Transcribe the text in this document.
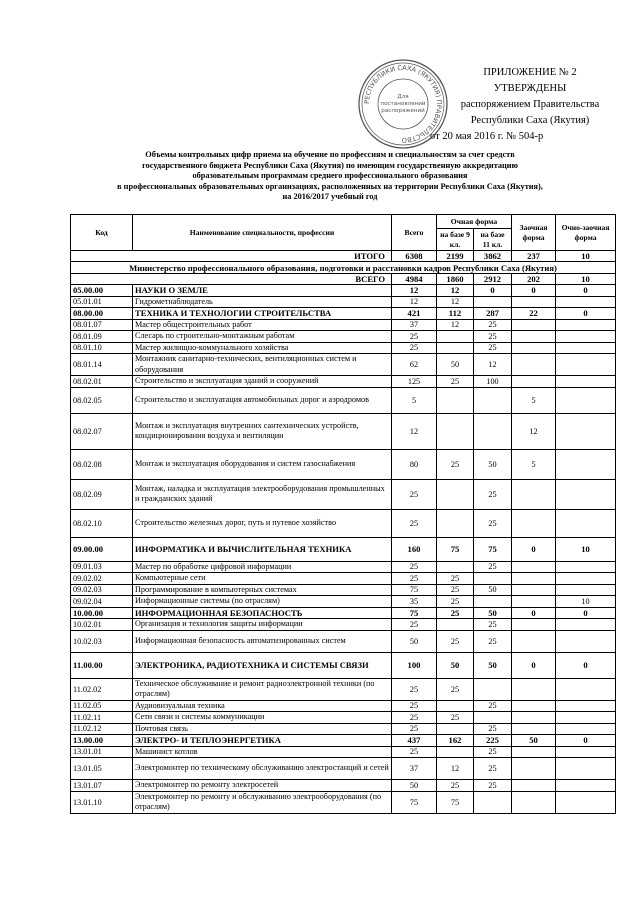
ПРИЛОЖЕНИЕ № 2
УТВЕРЖДЕНЫ
распоряжением Правительства
Республики Саха (Якутия)
от 20 мая 2016 г. № 504-р
РЕСПУБЛИКИ САХА (ЯКУТИЯ) ПРАВИТЕЛЬСТВО
Для
постановлений
распоряжений
Объемы контрольных цифр приема на обучение по профессиям и специальностям за счет средств
государственного бюджета Республики Саха (Якутия) по имеющим государственную аккредитацию
образовательным программам среднего профессионального образования
в профессиональных образовательных организациях, расположенных на территории Республики Саха (Якутия),
на 2016/2017 учебный год
Код	Наименование специальности, профессии	Всего	Очная форма		Заочная форма	Очно-заочная форма
			на базе 9 кл.	на базе 11 кл.		
ИТОГО		6308	2199	3862	237	10
Министерство профессионального образования, подготовки и расстановки кадров Республики Саха (Якутия)						
ВСЕГО		4984	1860	2912	202	10
05.00.00	НАУКИ О ЗЕМЛЕ	12	12	0	0	0
05.01.01	Гидрометнаблюдатель	12	12			
08.00.00	ТЕХНИКА И ТЕХНОЛОГИИ СТРОИТЕЛЬСТВА	421	112	287	22	0
08.01.07	Мастер общестроительных работ	37	12	25		
08.01.09	Слесарь по строительно-монтажным работам	25		25		
08.01.10	Мастер жилищно-коммунального хозяйства	25		25		
08.01.14	Монтажник санитарно-технических, вентиляционных систем и оборудования	62	50	12		
08.02.01	Строительство и эксплуатация зданий и сооружений	125	25	100		
08.02.05	Строительство и эксплуатация автомобильных дорог и аэродромов	5			5	
08.02.07	Монтаж и эксплуатация внутренних сантехнических устройств, кондиционирования воздуха и вентиляции	12			12	
08.02.08	Монтаж и эксплуатация оборудования и систем газоснабжения	80	25	50	5	
08.02.09	Монтаж, наладка и эксплуатация электрооборудования промышленных и гражданских зданий	25		25		
08.02.10	Строительство железных дорог, путь и путевое хозяйство	25		25		
09.00.00	ИНФОРМАТИКА И ВЫЧИСЛИТЕЛЬНАЯ ТЕХНИКА	160	75	75	0	10
09.01.03	Мастер по обработке цифровой информации	25		25		
09.02.02	Компьютерные сети	25	25			
09.02.03	Программирование в компьютерных системах	75	25	50		
09.02.04	Информационные системы (по отраслям)	35	25			10
10.00.00	ИНФОРМАЦИОННАЯ БЕЗОПАСНОСТЬ	75	25	50	0	0
10.02.01	Организация и технология защиты информации	25		25		
10.02.03	Информационная безопасность автоматизированных систем	50	25	25		
11.00.00	ЭЛЕКТРОНИКА, РАДИОТЕХНИКА И СИСТЕМЫ СВЯЗИ	100	50	50	0	0
11.02.02	Техническое обслуживание и ремонт радиоэлектронной техники (по отраслям)	25	25			
11.02.05	Аудиовизуальная техника	25		25		
11.02.11	Сети связи и системы коммуникации	25	25			
11.02.12	Почтовая связь	25		25		
13.00.00	ЭЛЕКТРО- И ТЕПЛОЭНЕРГЕТИКА	437	162	225	50	0
13.01.01	Машинист котлов	25		25		
13.01.05	Электромонтер по техническому обслуживанию электростанций и сетей	37	12	25		
13.01.07	Электромонтер по ремонту электросетей	50	25	25		
13.01.10	Электромонтер по ремонту и обслуживанию электрооборудования (по отраслям)	75	75			
